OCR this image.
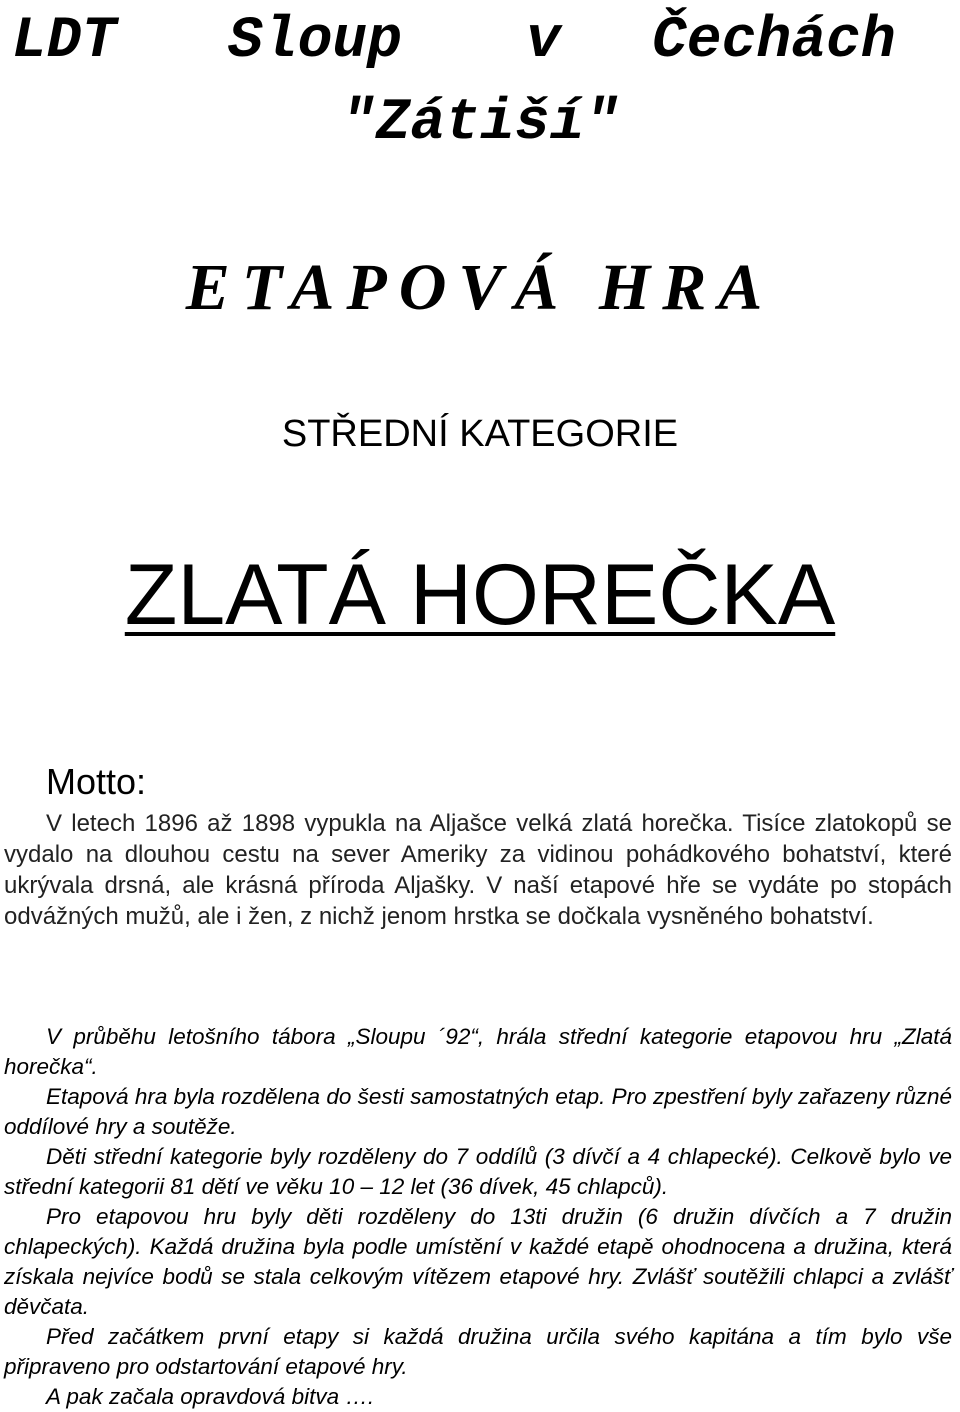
LDT Sloup v Čechách
"Zátiší"
ETAPOVÁ HRA
STŘEDNÍ KATEGORIE
ZLATÁ HOREČKA
Motto:
V letech 1896 až 1898 vypukla na Aljašce velká zlatá horečka. Tisíce zlatokopů se vydalo na dlouhou cestu na sever Ameriky za vidinou pohádkového bohatství, které ukrývala drsná, ale krásná příroda Aljašky. V naší etapové hře se vydáte po stopách odvážných mužů, ale i žen, z nichž jenom hrstka se dočkala vysněného bohatství.

V průběhu letošního tábora „Sloupu ´92“, hrála střední kategorie etapovou hru „Zlatá horečka“.

Etapová hra byla rozdělena do šesti samostatných etap. Pro zpestření byly zařazeny různé oddílové hry a soutěže.

Děti střední kategorie byly rozděleny do 7 oddílů (3 dívčí a 4 chlapecké). Celkově bylo ve střední kategorii 81 dětí ve věku 10 – 12 let (36 dívek, 45 chlapců).

Pro etapovou hru byly děti rozděleny do 13ti družin (6 družin dívčích a 7 družin chlapeckých). Každá družina byla podle umístění v každé etapě ohodnocena a družina, která získala nejvíce bodů se stala celkovým vítězem etapové hry. Zvlášť soutěžili chlapci a zvlášť děvčata.

Před začátkem první etapy si každá družina určila svého kapitána a tím bylo vše připraveno pro odstartování etapové hry.

A pak začala opravdová bitva ….
